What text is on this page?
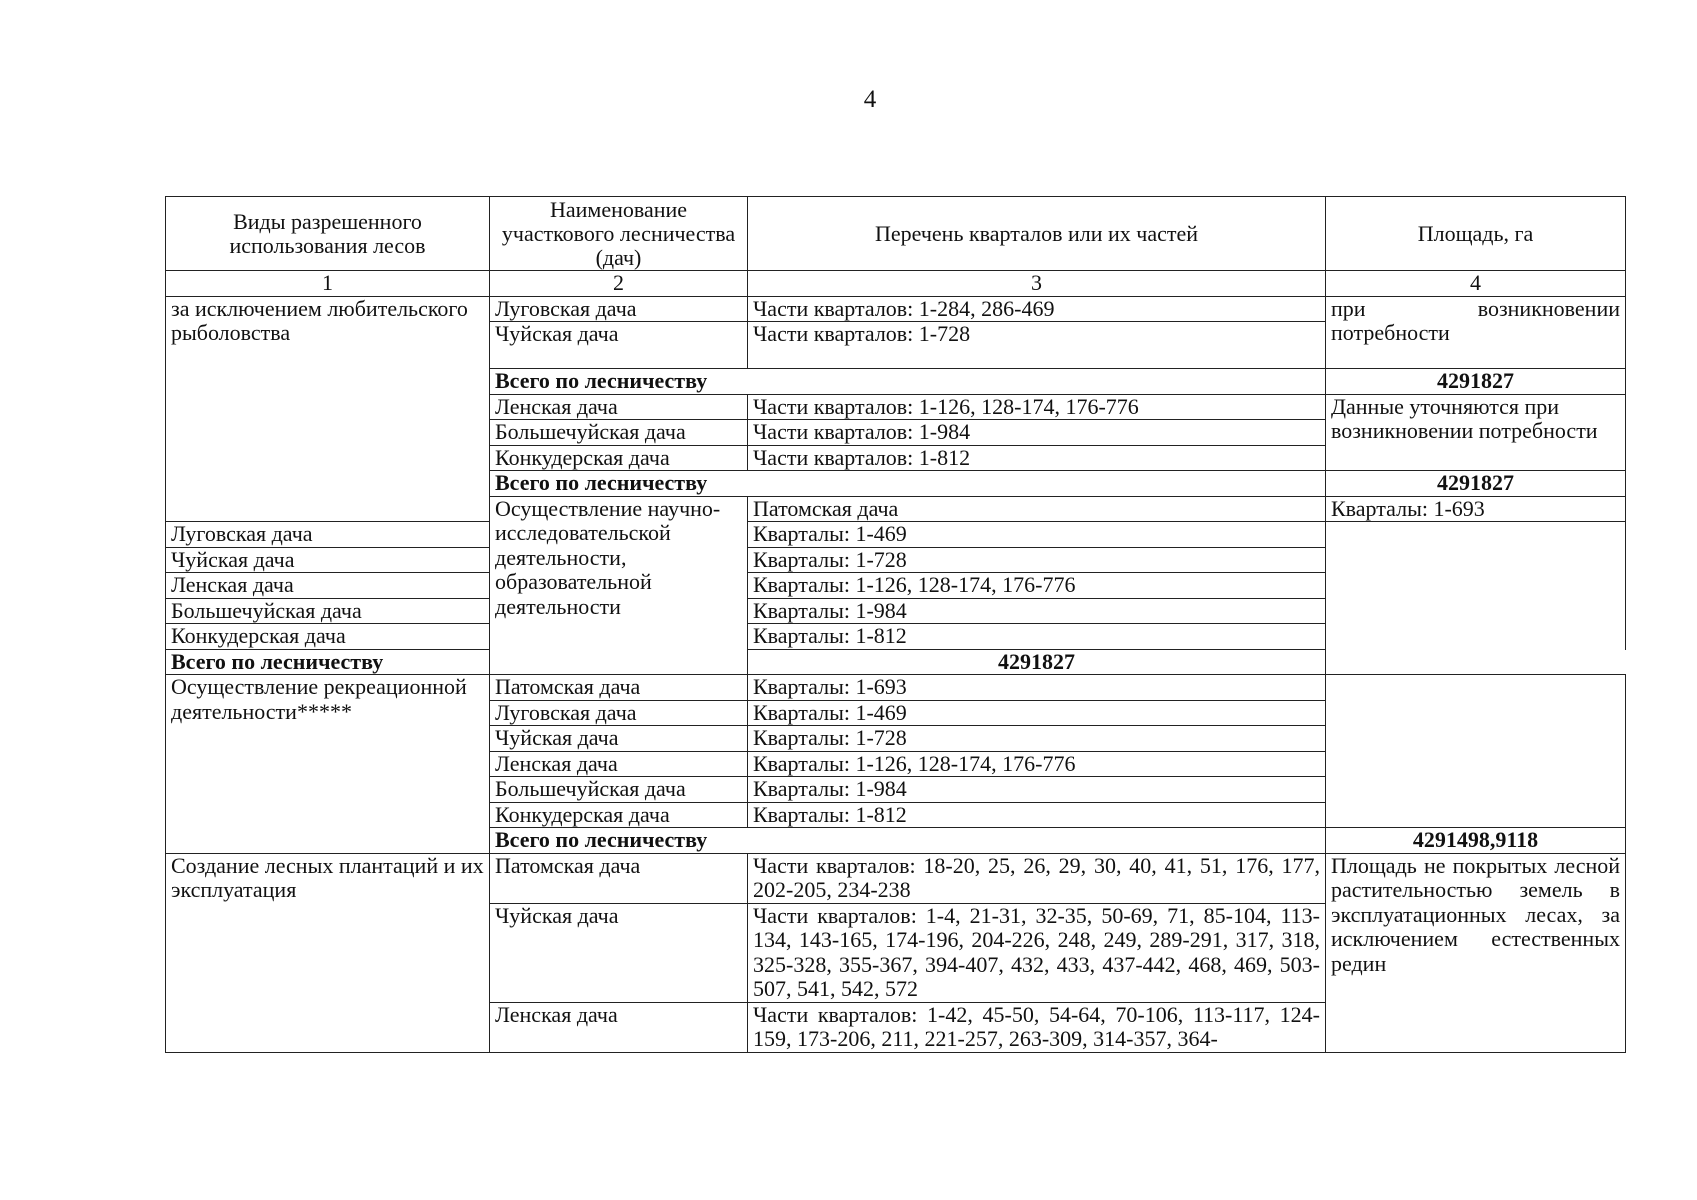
4
Виды разрешенного использования лесов	Наименование участкового лесничества (дач)	Перечень кварталов или их частей	Площадь, га	
1	2	3	4	
за исключением любительского рыболовства	Луговская дача	Части кварталов: 1-284, 286-469	при возникновении потребности	
	Чуйская дача	Части кварталов: 1-728		
	Всего по лесничеству		4291827	
	Ленская дача	Части кварталов: 1-126, 128-174, 176-776	Данные уточняются при возникновении потребности	
	Большечуйская дача	Части кварталов: 1-984		
	Конкудерская дача	Части кварталов: 1-812		
	Всего по лесничеству		4291827	
	Осуществление научно-исследовательской деятельности, образовательной деятельности	Патомская дача	Кварталы: 1-693	
Луговская дача		Кварталы: 1-469		
Чуйская дача		Кварталы: 1-728		
Ленская дача		Кварталы: 1-126, 128-174, 176-776		
Большечуйская дача		Кварталы: 1-984		
Конкудерская дача		Кварталы: 1-812		
Всего по лесничеству		4291827		
Осуществление рекреационной деятельности*****	Патомская дача	Кварталы: 1-693		
	Луговская дача	Кварталы: 1-469		
	Чуйская дача	Кварталы: 1-728		
	Ленская дача	Кварталы: 1-126, 128-174, 176-776		
	Большечуйская дача	Кварталы: 1-984		
	Конкудерская дача	Кварталы: 1-812		
	Всего по лесничеству		4291498,9118	
Создание лесных плантаций и их эксплуатация	Патомская дача	Части кварталов: 18-20, 25, 26, 29, 30, 40, 41, 51, 176, 177, 202-205, 234-238	Площадь не покрытых лесной растительностью земель в эксплуатационных лесах, за исключением естественных редин	
	Чуйская дача	Части кварталов: 1-4, 21-31, 32-35, 50-69, 71, 85-104, 113-134, 143-165, 174-196, 204-226, 248, 249, 289-291, 317, 318, 325-328, 355-367, 394-407, 432, 433, 437-442, 468, 469, 503-507, 541, 542, 572		
	Ленская дача	Части кварталов: 1-42, 45-50, 54-64, 70-106, 113-117, 124-159, 173-206, 211, 221-257, 263-309, 314-357, 364-		
